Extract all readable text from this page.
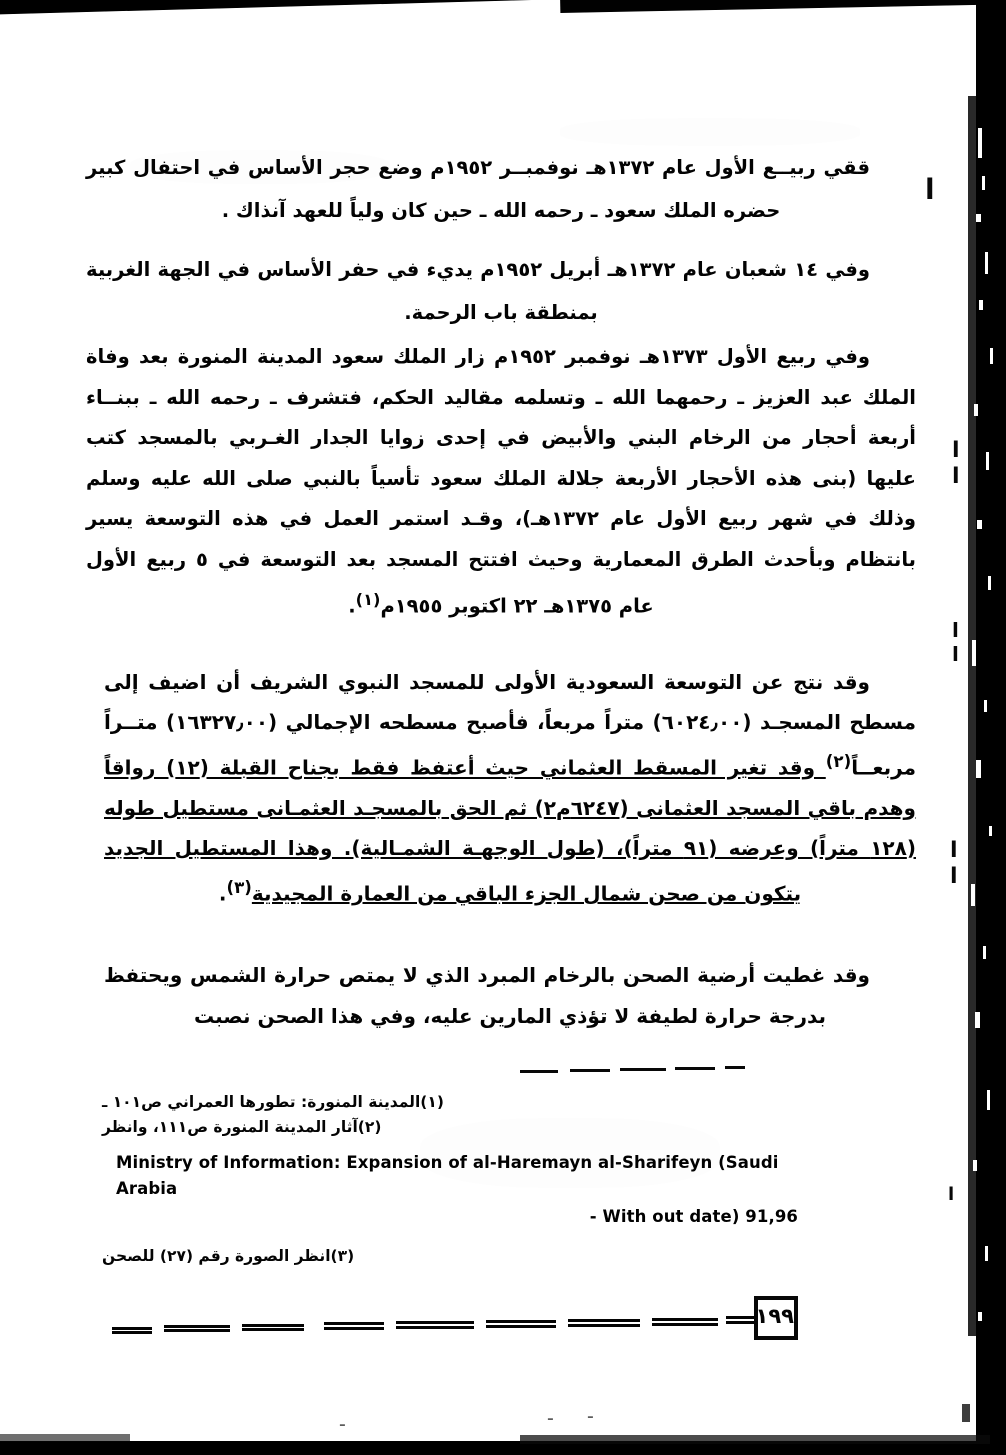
ا
ا
ا
ا
ا
ا
ا
ا
ققي ربيــع الأول عام ١٣٧٢هـ نوفمبــر ١٩٥٢م وضع حجر الأساس في احتفال كبير حضره الملك سعود ـ رحمه الله ـ حين كان ولياً للعهد آنذاك .
وفي ١٤ شعبان عام ١٣٧٢هـ أبريل ١٩٥٢م يديء في حفر الأساس في الجهة الغربية بمنطقة باب الرحمة.
وفي ربيع الأول ١٣٧٣هـ نوفمبر ١٩٥٢م زار الملك سعود المدينة المنورة بعد وفاة الملك عبد العزيز ـ رحمهما الله ـ وتسلمه مقاليد الحكم، فتشرف ـ رحمه الله ـ ببنــاء أربعة أحجار من الرخام البني والأبيض في إحدى زوايا الجدار الغـربي بالمسجد كتب عليها (بنى هذه الأحجار الأربعة جلالة الملك سعود تأسياً بالنبي صلى الله عليه وسلم وذلك في شهر ربيع الأول عام ١٣٧٢هـ)، وقـد استمر العمل في هذه التوسعة يسير بانتظام وبأحدث الطرق المعمارية وحيث افتتح المسجد بعد التوسعة في ٥ ربيع الأول عام ١٣٧٥هـ ٢٢ اكتوبر ١٩٥٥م$^{(١)}$.
وقد نتج عن التوسعة السعودية الأولى للمسجد النبوي الشريف أن اضيف إلى مسطح المسجـد (٦٠٢٤٫٠٠) متراً مربعاً، فأصبح مسطحه الإجمالي (١٦٣٢٧٫٠٠) متــراً مربعــاً$^{(٢)}$ وقد تغير المسقط العثماني حيث أعتفظ فقط بجناح القبلة (١٢) رواقاً وهدم باقي المسجد العثمانى (٦٢٤٧م٢) ثم الحق بالمسجـد العثمـانى مستطيل طوله (١٢٨ متراً) وعرضه (٩١ متراً)، (طول الوجهـة الشمـالية). وهذا المستطيل الجديد يتكون من صحن شمال الجزء الباقي من العمارة المجيدية$^{(٣)}$.
وقد غطيت أرضية الصحن بالرخام المبرد الذي لا يمتص حرارة الشمس ويحتفظ بدرجة حرارة لطيفة لا تؤذي المارين عليه، وفي هذا الصحن نصبت
(١)المدينة المنورة: تطورها العمراني ص١٠١ ـ
(٢)آثار المدينة المنورة ص١١١، وانظر
Ministry of Information: Expansion of al-Haremayn al-Sharifeyn (Saudi Arabia
- With out date) 91,96
(٣)انظر الصورة رقم (٢٧) للصحن
١٩٩
ـ	ـ	ـ
